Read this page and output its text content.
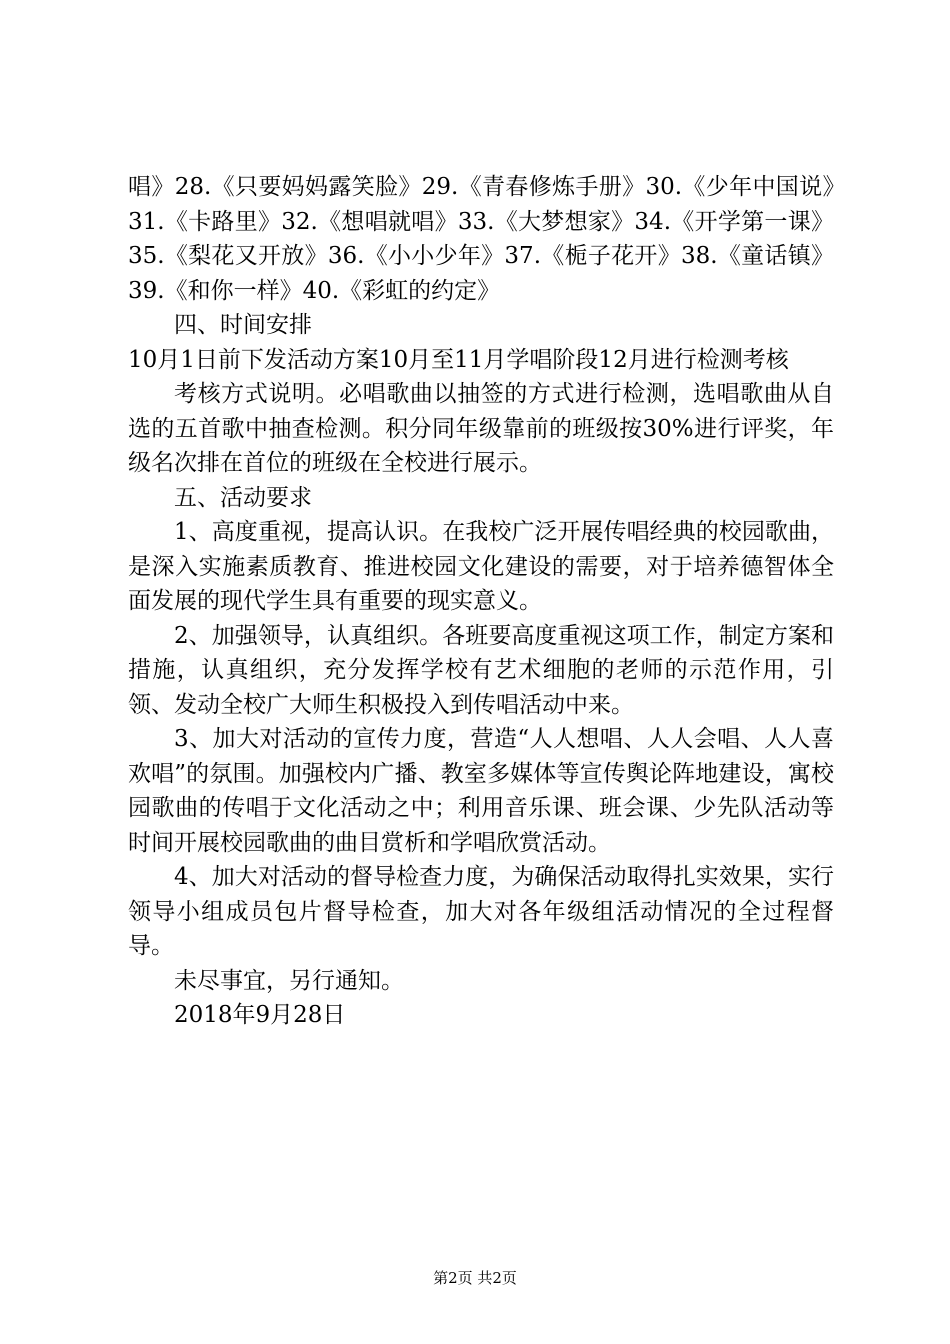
唱》28.《只要妈妈露笑脸》29.《青春修炼手册》30.《少年中国说》31.《卡路里》32.《想唱就唱》33.《大梦想家》34.《开学第一课》35.《梨花又开放》36.《小小少年》37.《栀子花开》38.《童话镇》39.《和你一样》40.《彩虹的约定》

四、时间安排

10月1日前下发活动方案10月至11月学唱阶段12月进行检测考核

考核方式说明。必唱歌曲以抽签的方式进行检测，选唱歌曲从自选的五首歌中抽查检测。积分同年级靠前的班级按30%进行评奖，年级名次排在首位的班级在全校进行展示。

五、活动要求

1、高度重视，提高认识。在我校广泛开展传唱经典的校园歌曲，是深入实施素质教育、推进校园文化建设的需要，对于培养德智体全面发展的现代学生具有重要的现实意义。

2、加强领导，认真组织。各班要高度重视这项工作，制定方案和措施，认真组织，充分发挥学校有艺术细胞的老师的示范作用，引领、发动全校广大师生积极投入到传唱活动中来。

3、加大对活动的宣传力度，营造“人人想唱、人人会唱、人人喜欢唱”的氛围。加强校内广播、教室多媒体等宣传舆论阵地建设，寓校园歌曲的传唱于文化活动之中；利用音乐课、班会课、少先队活动等时间开展校园歌曲的曲目赏析和学唱欣赏活动。

4、加大对活动的督导检查力度，为确保活动取得扎实效果，实行领导小组成员包片督导检查，加大对各年级组活动情况的全过程督导。

未尽事宜，另行通知。

2018年9月28日

第2页 共2页
